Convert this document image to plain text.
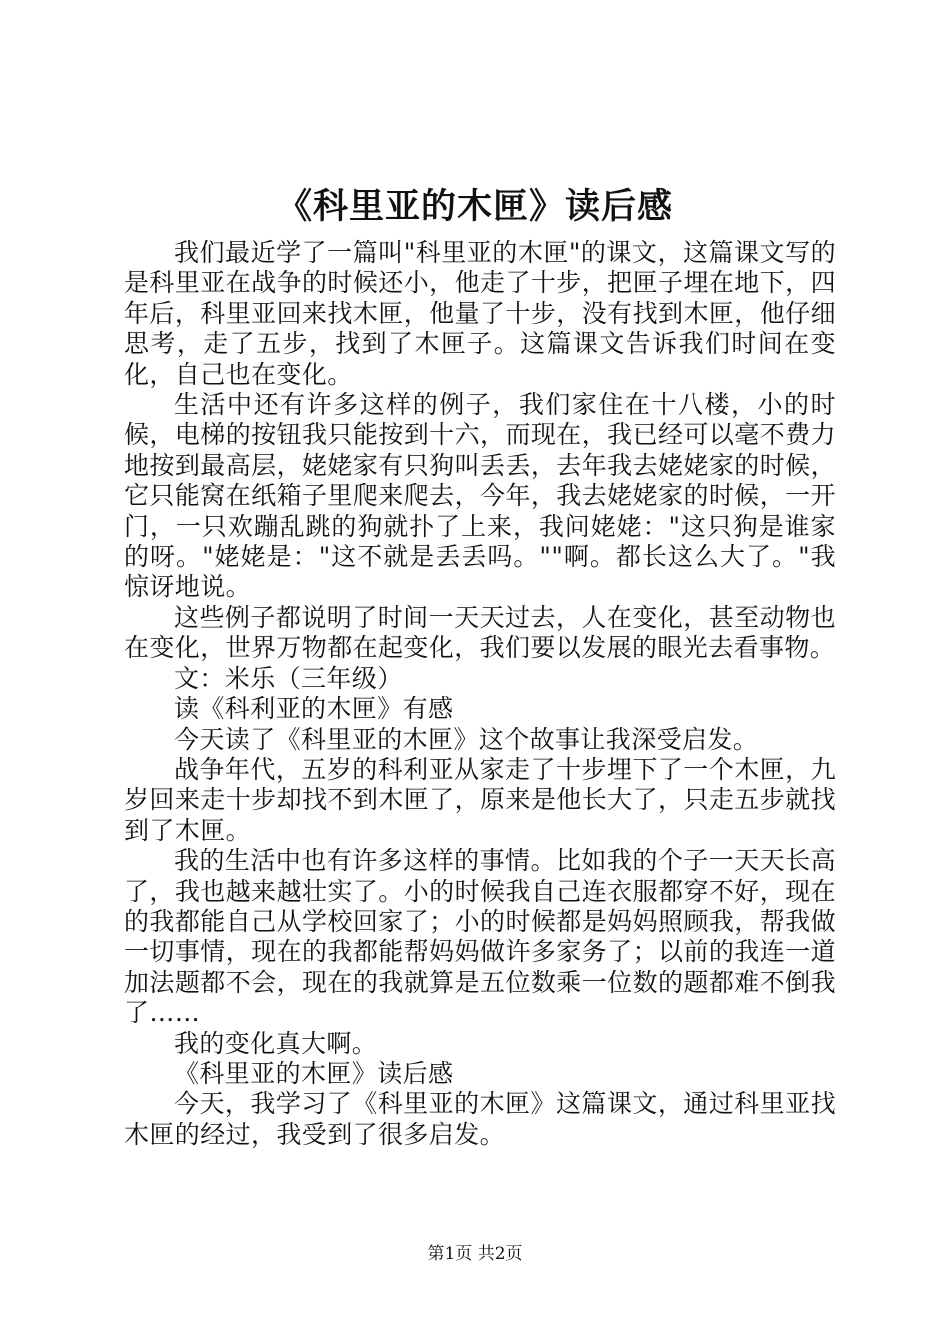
《科里亚的木匣》读后感

我们最近学了一篇叫"科里亚的木匣"的课文，这篇课文写的是科里亚在战争的时候还小，他走了十步，把匣子埋在地下，四年后，科里亚回来找木匣，他量了十步，没有找到木匣，他仔细思考，走了五步，找到了木匣子。这篇课文告诉我们时间在变化，自己也在变化。

生活中还有许多这样的例子，我们家住在十八楼，小的时候，电梯的按钮我只能按到十六，而现在，我已经可以毫不费力地按到最高层，姥姥家有只狗叫丢丢，去年我去姥姥家的时候，它只能窝在纸箱子里爬来爬去，今年，我去姥姥家的时候，一开门，一只欢蹦乱跳的狗就扑了上来，我问姥姥："这只狗是谁家的呀。"姥姥是："这不就是丢丢吗。""啊。都长这么大了。"我惊讶地说。

这些例子都说明了时间一天天过去，人在变化，甚至动物也在变化，世界万物都在起变化，我们要以发展的眼光去看事物。

文：米乐（三年级）

读《科利亚的木匣》有感

今天读了《科里亚的木匣》这个故事让我深受启发。

战争年代，五岁的科利亚从家走了十步埋下了一个木匣，九岁回来走十步却找不到木匣了，原来是他长大了，只走五步就找到了木匣。

我的生活中也有许多这样的事情。比如我的个子一天天长高了，我也越来越壮实了。小的时候我自己连衣服都穿不好，现在的我都能自己从学校回家了；小的时候都是妈妈照顾我，帮我做一切事情，现在的我都能帮妈妈做许多家务了；以前的我连一道加法题都不会，现在的我就算是五位数乘一位数的题都难不倒我了……

我的变化真大啊。

《科里亚的木匣》读后感

今天，我学习了《科里亚的木匣》这篇课文，通过科里亚找木匣的经过，我受到了很多启发。

第1页 共2页
